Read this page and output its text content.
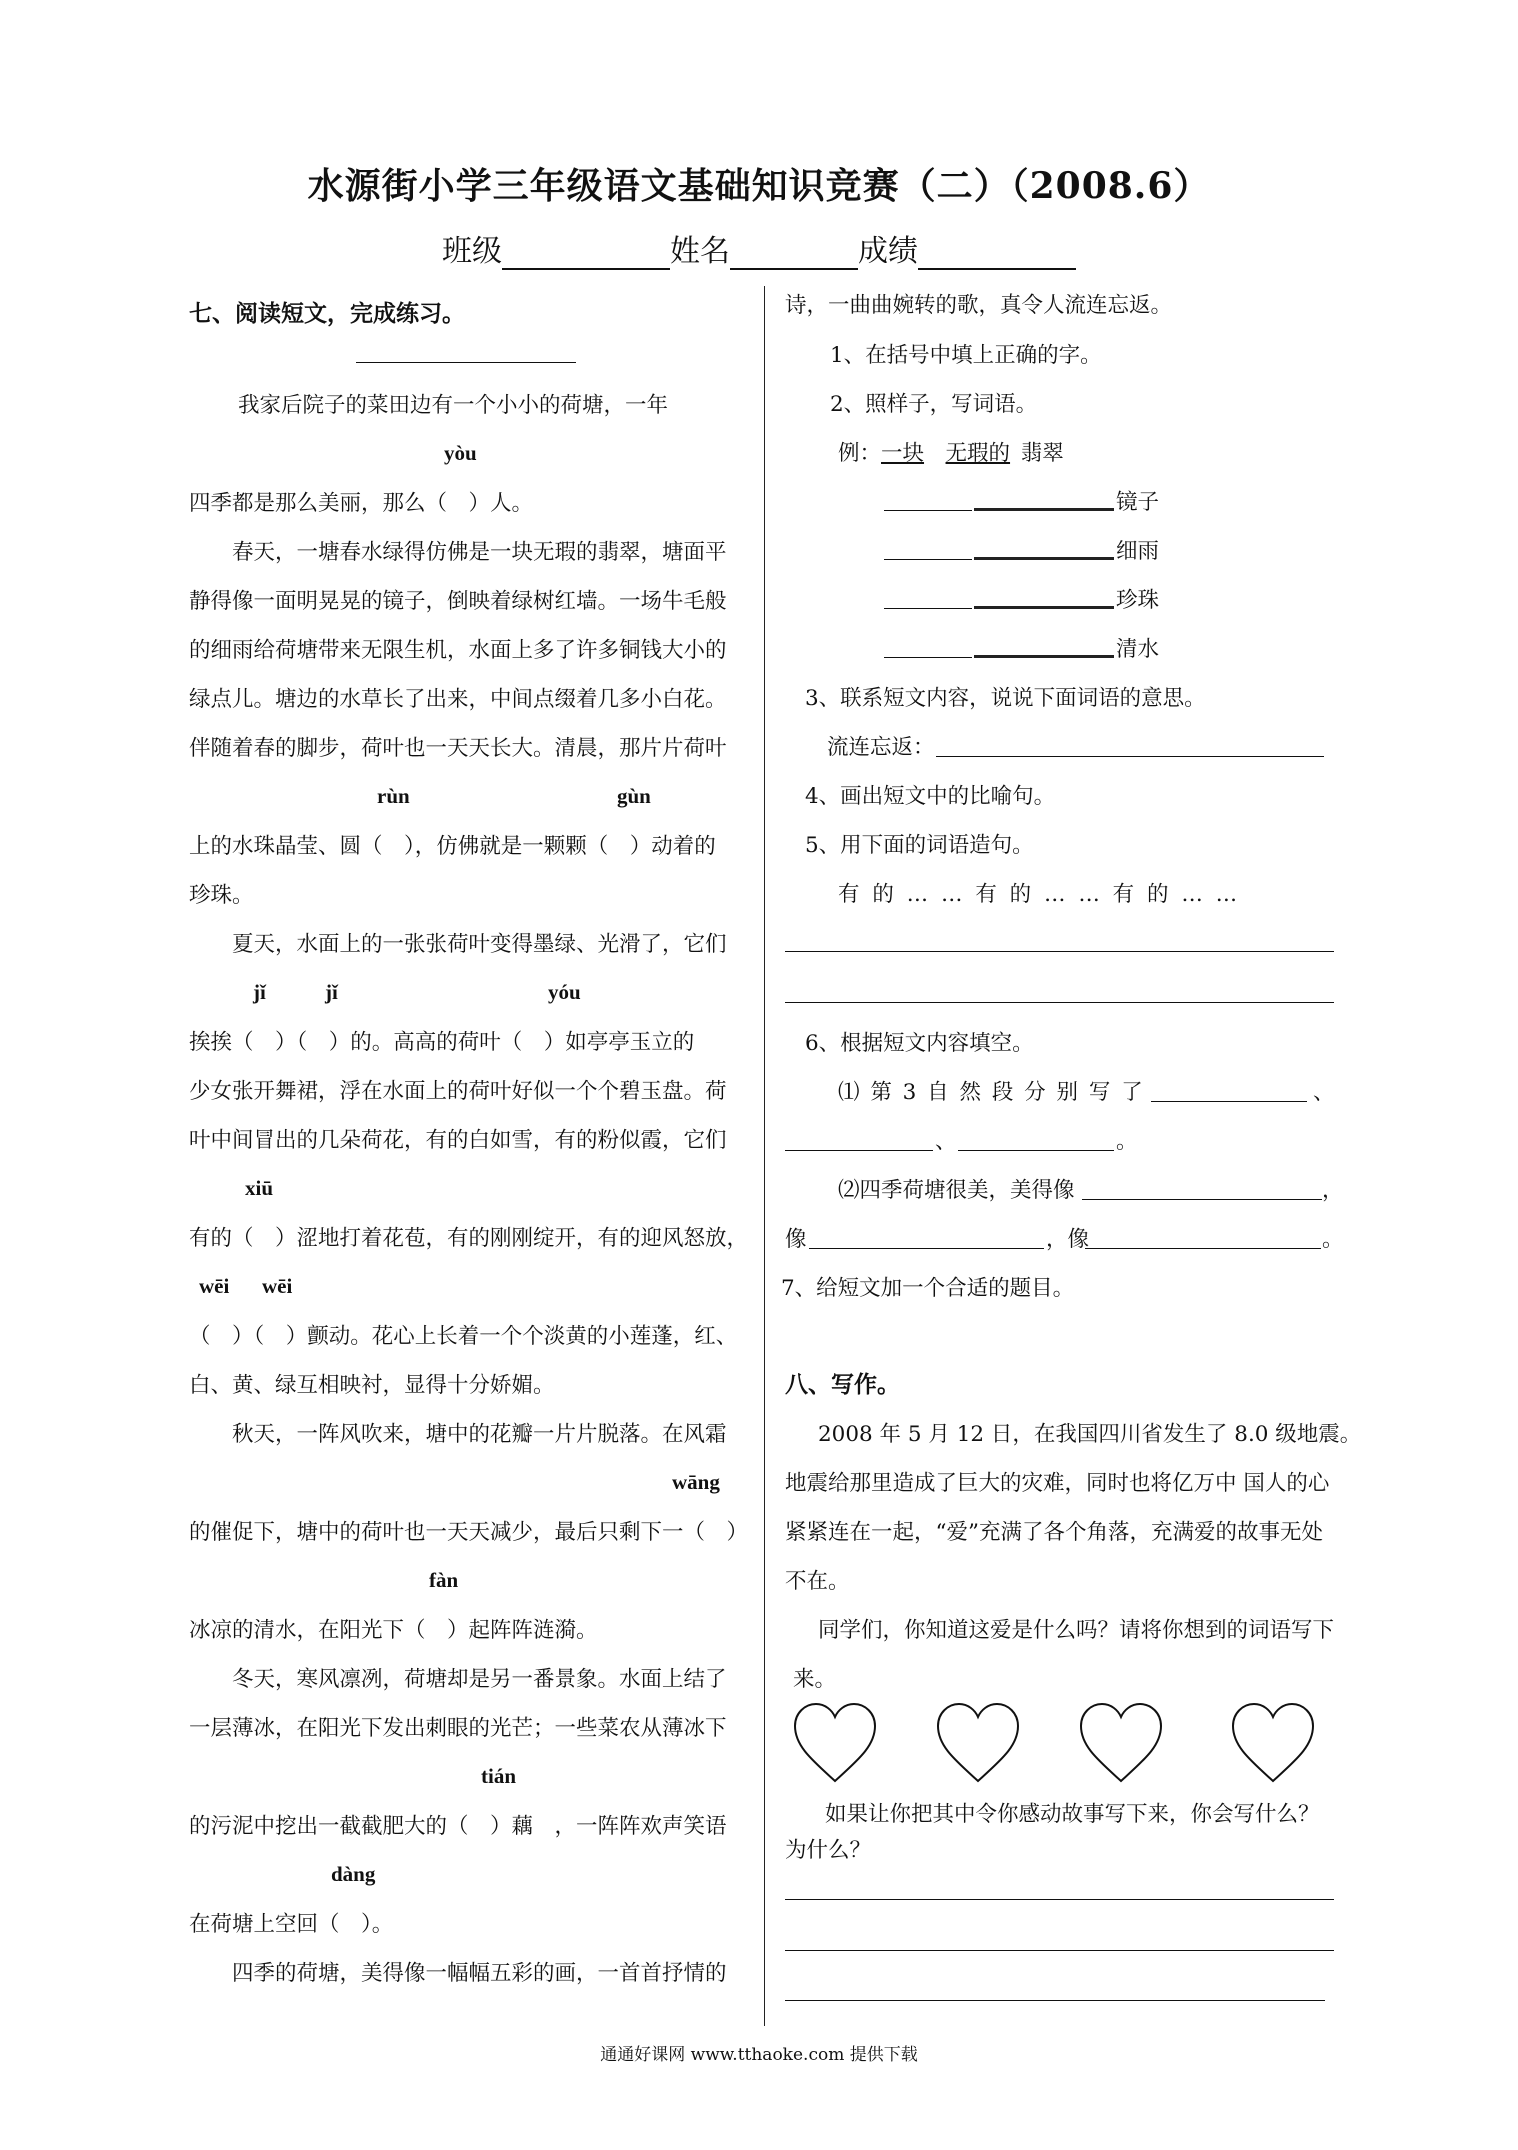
水源街小学三年级语文基础知识竞赛（二）（2008.6）
班级	姓名	成绩
七、阅读短文，完成练习。
我家后院子的菜田边有一个小小的荷塘，一年
yòu
四季都是那么美丽，那么（　）人。
春天，一塘春水绿得仿佛是一块无瑕的翡翠，塘面平
静得像一面明晃晃的镜子，倒映着绿树红墙。一场牛毛般
的细雨给荷塘带来无限生机，水面上多了许多铜钱大小的
绿点儿。塘边的水草长了出来，中间点缀着几多小白花。
伴随着春的脚步，荷叶也一天天长大。清晨，那片片荷叶
rùn	gùn
上的水珠晶莹、圆（　），仿佛就是一颗颗（　）动着的
珍珠。
夏天，水面上的一张张荷叶变得墨绿、光滑了，它们
jǐ	jǐ	yóu
挨挨（　）（　）的。高高的荷叶（　）如亭亭玉立的
少女张开舞裙，浮在水面上的荷叶好似一个个碧玉盘。荷
叶中间冒出的几朵荷花，有的白如雪，有的粉似霞，它们
xiū
有的（　）涩地打着花苞，有的刚刚绽开，有的迎风怒放，
wēi wēi
（　）（　）颤动。花心上长着一个个淡黄的小莲蓬，红、
白、黄、绿互相映衬，显得十分娇媚。
秋天，一阵风吹来，塘中的花瓣一片片脱落。在风霜
wāng
的催促下，塘中的荷叶也一天天减少，最后只剩下一（　）
fàn
冰凉的清水，在阳光下（　）起阵阵涟漪。
冬天，寒风凛冽，荷塘却是另一番景象。水面上结了
一层薄冰，在阳光下发出刺眼的光芒；一些菜农从薄冰下
tián
的污泥中挖出一截截肥大的（　）藕　，一阵阵欢声笑语
dàng
在荷塘上空回（　）。
四季的荷塘，美得像一幅幅五彩的画，一首首抒情的
诗，一曲曲婉转的歌，真令人流连忘返。
1、在括号中填上正确的字。
2、照样子，写词语。
例：一块  无瑕的  翡翠
镜子
细雨
珍珠
清水
3、联系短文内容，说说下面词语的意思。
流连忘返：
4、画出短文中的比喻句。
5、用下面的词语造句。
有 的 … … 有 的 … … 有 的 … …
6、根据短文内容填空。
⑴ 第 3 自 然 段 分 别 写 了	、
、	。
⑵四季荷塘很美，美得像	，
像	，像	。
7、给短文加一个合适的题目。
八、写作。
2008 年 5 月 12 日，在我国四川省发生了 8.0 级地震。
地震给那里造成了巨大的灾难，同时也将亿万中 国人的心
紧紧连在一起，“爱”充满了各个角落，充满爱的故事无处
不在。
同学们，你知道这爱是什么吗？请将你想到的词语写下
来。
如果让你把其中令你感动故事写下来，你会写什么？
为什么？
通通好课网 www.tthaoke.com 提供下载
